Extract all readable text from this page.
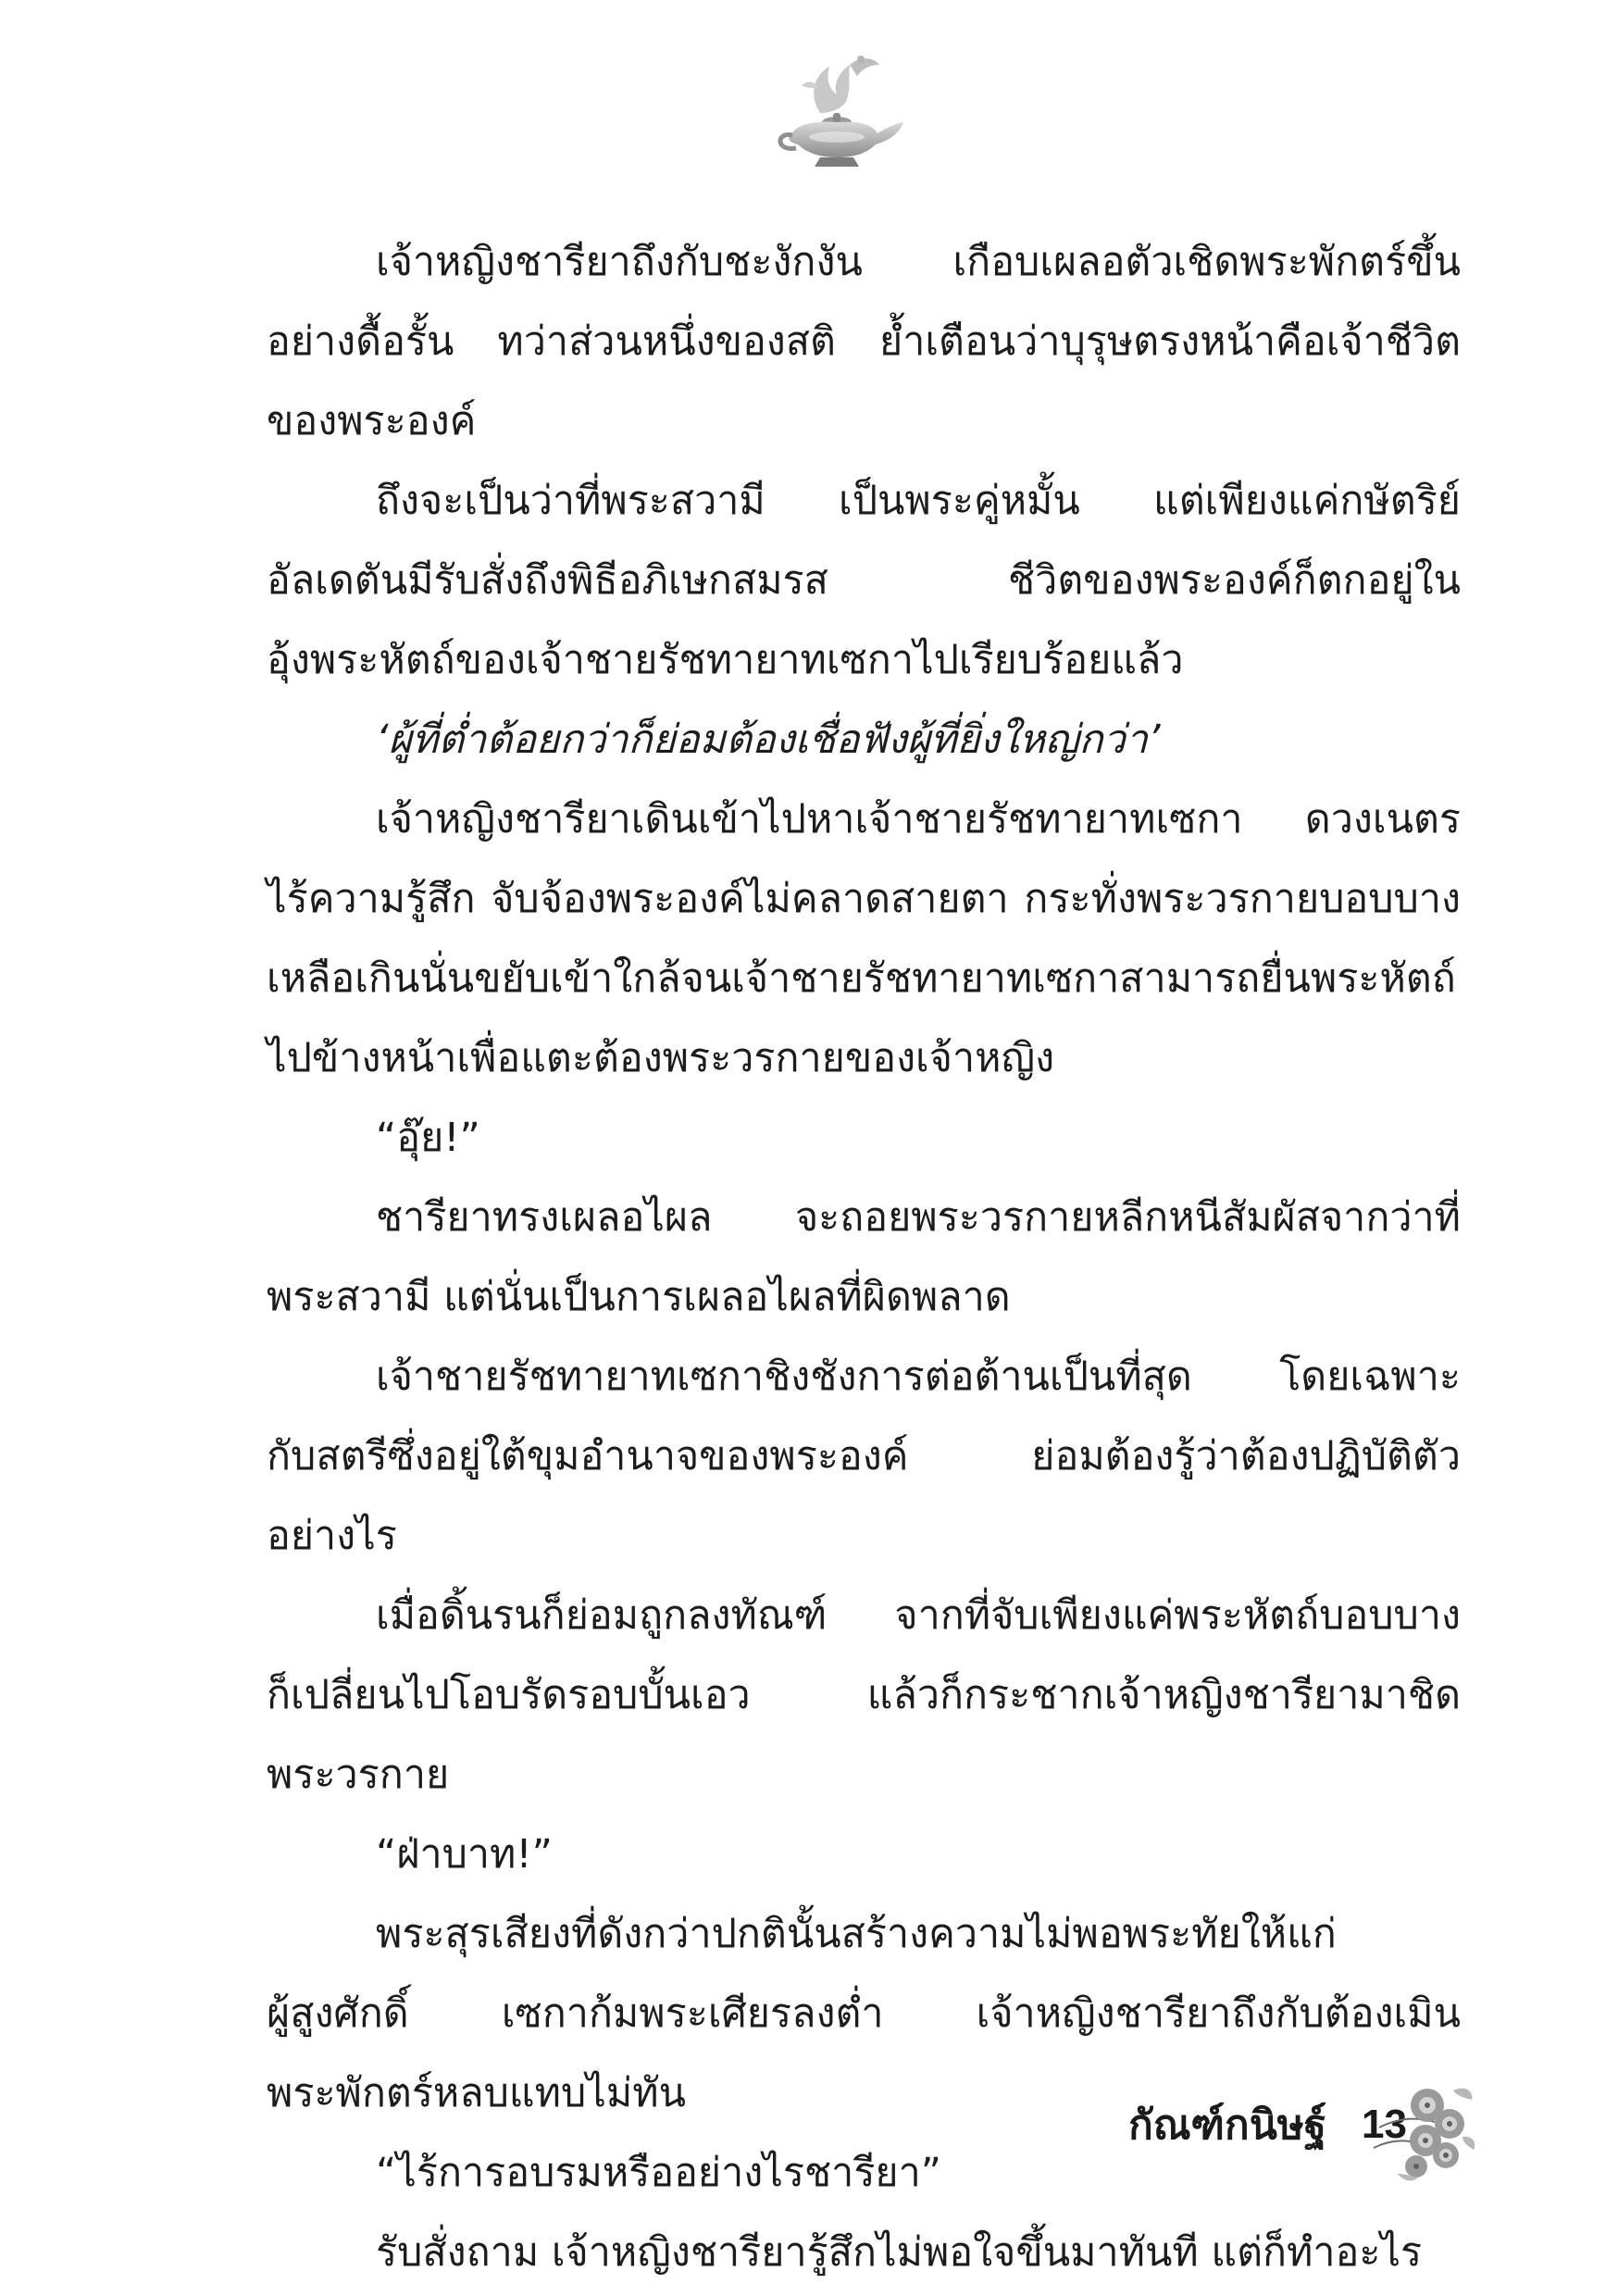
เจ้าหญิงชารียาถึงกับชะงักงัน เกือบเผลอตัวเชิดพระพักตร์ขึ้น
อย่างดื้อรั้น ทว่าส่วนหนึ่งของสติ ย้ำเตือนว่าบุรุษตรงหน้าคือเจ้าชีวิต
ของพระองค์
ถึงจะเป็นว่าที่พระสวามี เป็นพระคู่หมั้น แต่เพียงแค่กษัตริย์
อัลเดตันมีรับสั่งถึงพิธีอภิเษกสมรส ชีวิตของพระองค์ก็ตกอยู่ใน
อุ้งพระหัตถ์ของเจ้าชายรัชทายาทเซกาไปเรียบร้อยแล้ว
‘ผู้ที่ต่ำต้อยกว่าก็ย่อมต้องเชื่อฟังผู้ที่ยิ่งใหญ่กว่า’
เจ้าหญิงชารียาเดินเข้าไปหาเจ้าชายรัชทายาทเซกา ดวงเนตร
ไร้ความรู้สึก จับจ้องพระองค์ไม่คลาดสายตา กระทั่งพระวรกายบอบบาง
เหลือเกินนั่นขยับเข้าใกล้จนเจ้าชายรัชทายาทเซกาสามารถยื่นพระหัตถ์
ไปข้างหน้าเพื่อแตะต้องพระวรกายของเจ้าหญิง
“อุ๊ย!”
ชารียาทรงเผลอไผล จะถอยพระวรกายหลีกหนีสัมผัสจากว่าที่
พระสวามี แต่นั่นเป็นการเผลอไผลที่ผิดพลาด
เจ้าชายรัชทายาทเซกาชิงชังการต่อต้านเป็นที่สุด โดยเฉพาะ
กับสตรีซึ่งอยู่ใต้ขุมอำนาจของพระองค์ ย่อมต้องรู้ว่าต้องปฏิบัติตัว
อย่างไร
เมื่อดิ้นรนก็ย่อมถูกลงทัณฑ์ จากที่จับเพียงแค่พระหัตถ์บอบบาง
ก็เปลี่ยนไปโอบรัดรอบบั้นเอว แล้วก็กระชากเจ้าหญิงชารียามาชิด
พระวรกาย
“ฝ่าบาท!”
พระสุรเสียงที่ดังกว่าปกตินั้นสร้างความไม่พอพระทัยให้แก่
ผู้สูงศักดิ์ เซกาก้มพระเศียรลงต่ำ เจ้าหญิงชารียาถึงกับต้องเมิน
พระพักตร์หลบแทบไม่ทัน
“ไร้การอบรมหรืออย่างไรชารียา”
รับสั่งถาม เจ้าหญิงชารียารู้สึกไม่พอใจขึ้นมาทันที แต่ก็ทำอะไร
กัณฑ์กนิษฐ์ 13
